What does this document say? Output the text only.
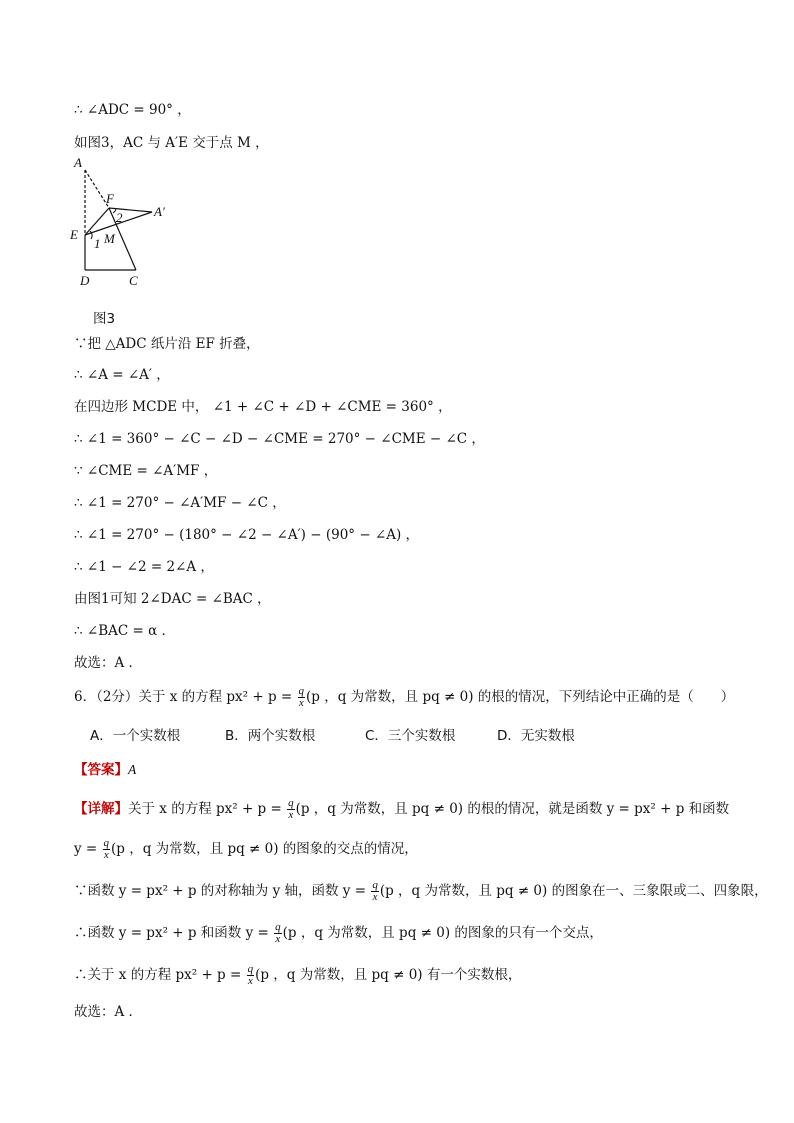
∴ ∠ADC = 90° ，
如图3，AC 与 A′E 交于点 M ，
A
F
2 A′
E
1 M
D	C
图3
∵把 △ADC 纸片沿 EF 折叠，
∴ ∠A = ∠A′ ，
在四边形 MCDE 中， ∠1 + ∠C + ∠D + ∠CME = 360° ，
∴ ∠1 = 360° − ∠C − ∠D − ∠CME = 270° − ∠CME − ∠C ，
∵ ∠CME = ∠A′MF ，
∴ ∠1 = 270° − ∠A′MF − ∠C ，
∴ ∠1 = 270° − (180° − ∠2 − ∠A′) − (90° − ∠A) ，
∴ ∠1 − ∠2 = 2∠A ，
由图1可知 2∠DAC = ∠BAC ，
∴ ∠BAC = α ．
故选：A ．
6．（2分）关于 x 的方程 $px^2 + p = \frac{q}{x} (p$ ，q 为常数，且 pq ≠ 0) 的根的情况，下列结论中正确的是（　　）
A．一个实数根	B．两个实数根	C．三个实数根	D．无实数根
【答案】A
【详解】关于 x 的方程 $px^2 + p = \frac{q}{x} (p$ ，q 为常数，且 pq ≠ 0) 的根的情况，就是函数 y = px² + p 和函数
$y = \frac{q}{x} (p$ ，q 为常数，且 pq ≠ 0) 的图象的交点的情况，
∵函数 y = px² + p 的对称轴为 y 轴，函数 $y = \frac{q}{x} (p$ ，q 为常数，且 pq ≠ 0) 的图象在一、三象限或二、四象限，
∴函数 y = px² + p 和函数 $y = \frac{q}{x} (p$ ，q 为常数，且 pq ≠ 0) 的图象的只有一个交点，
∴关于 x 的方程 $px^2 + p = \frac{q}{x} (p$ ，q 为常数，且 pq ≠ 0) 有一个实数根，
故选：A ．
